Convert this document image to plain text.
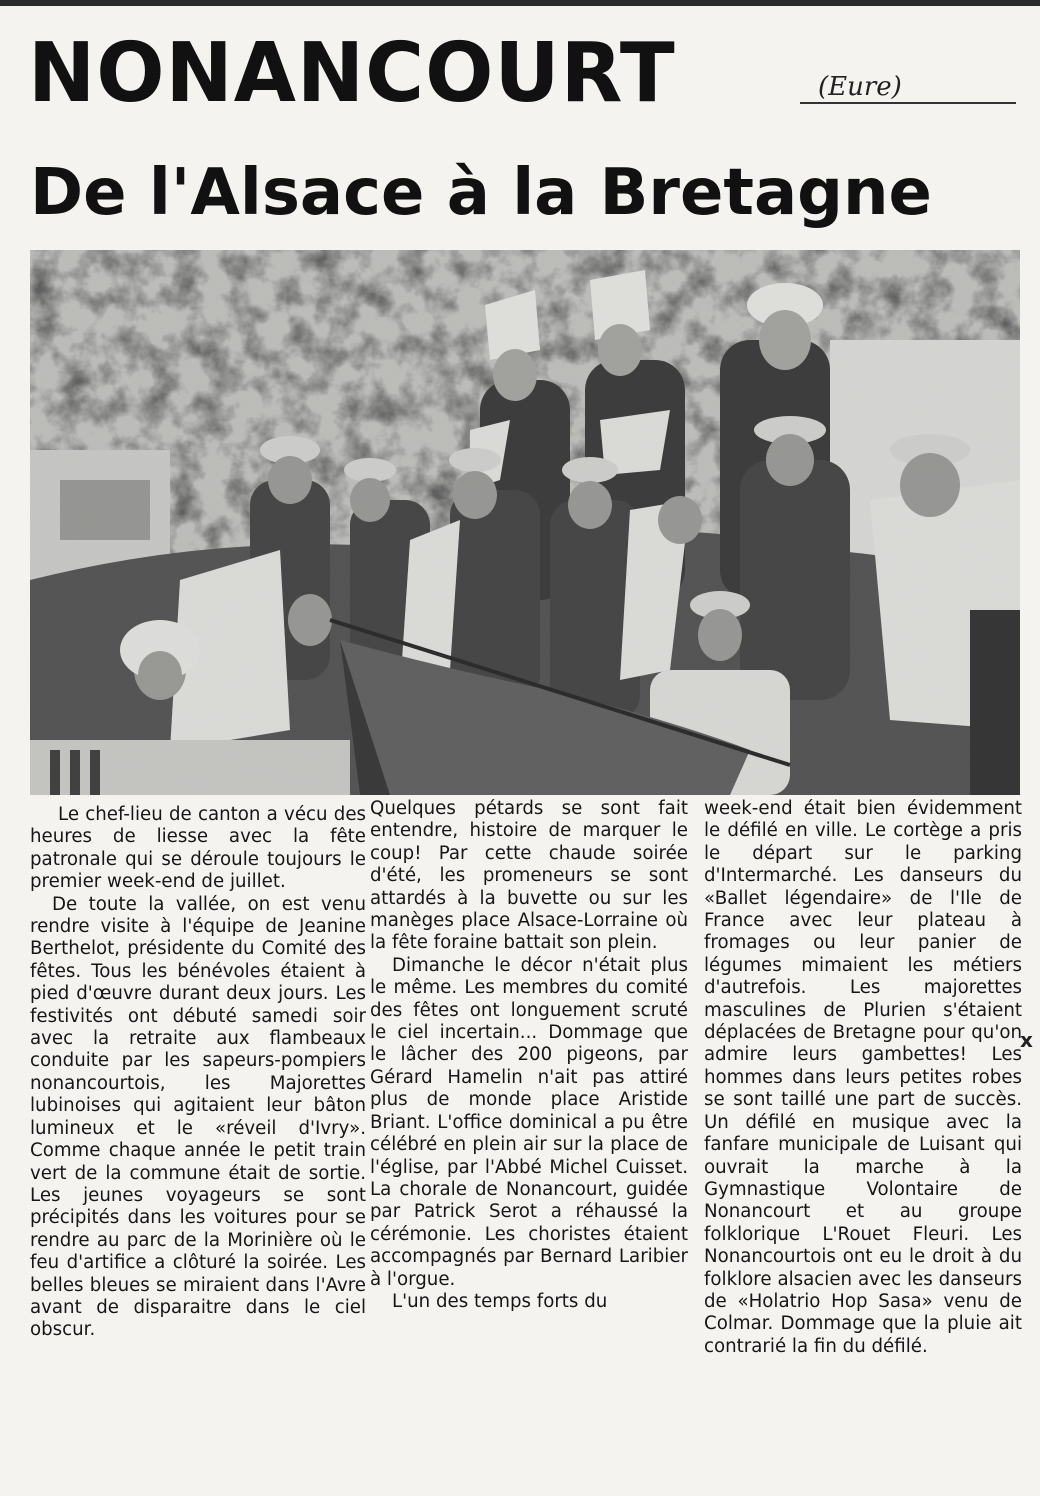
NONANCOURT	(Eure)
De l'Alsace à la Bretagne

Le chef-lieu de canton a vécu des heures de liesse avec la fête patronale qui se déroule toujours le premier week-end de juillet.

De toute la vallée, on est venu rendre visite à l'équipe de Jeanine Berthelot, présidente du Comité des fêtes. Tous les bénévoles étaient à pied d'œuvre durant deux jours. Les festivités ont débuté samedi soir avec la retraite aux flambeaux conduite par les sapeurs-pompiers nonancourtois, les Majorettes lubinoises qui agitaient leur bâton lumineux et le «réveil d'Ivry». Comme chaque année le petit train vert de la commune était de sortie. Les jeunes voyageurs se sont précipités dans les voitures pour se rendre au parc de la Morinière où le feu d'artifice a clôturé la soirée. Les belles bleues se miraient dans l'Avre avant de disparaitre dans le ciel obscur.

Quelques pétards se sont fait entendre, histoire de marquer le coup! Par cette chaude soirée d'été, les promeneurs se sont attardés à la buvette ou sur les manèges place Alsace-Lorraine où la fête foraine battait son plein.

Dimanche le décor n'était plus le même. Les membres du comité des fêtes ont longuement scruté le ciel incertain... Dommage que le lâcher des 200 pigeons, par Gérard Hamelin n'ait pas attiré plus de monde place Aristide Briant. L'office dominical a pu être célébré en plein air sur la place de l'église, par l'Abbé Michel Cuisset. La chorale de Nonancourt, guidée par Patrick Serot a réhaussé la cérémonie. Les choristes étaient accompagnés par Bernard Laribier à l'orgue.

L'un des temps forts du

week-end était bien évidemment le défilé en ville. Le cortège a pris le départ sur le parking d'Intermarché. Les danseurs du «Ballet légendaire» de l'Ile de France avec leur plateau à fromages ou leur panier de légumes mimaient les métiers d'autrefois. Les majorettes masculines de Plurien s'étaient déplacées de Bretagne pour qu'on admire leurs gambettes! Les hommes dans leurs petites robes se sont taillé une part de succès. Un défilé en musique avec la fanfare municipale de Luisant qui ouvrait la marche à la Gymnastique Volontaire de Nonancourt et au groupe folklorique L'Rouet Fleuri. Les Nonancourtois ont eu le droit à du folklore alsacien avec les danseurs de «Holatrio Hop Sasa» venu de Colmar. Dommage que la pluie ait contrarié la fin du défilé.

x
